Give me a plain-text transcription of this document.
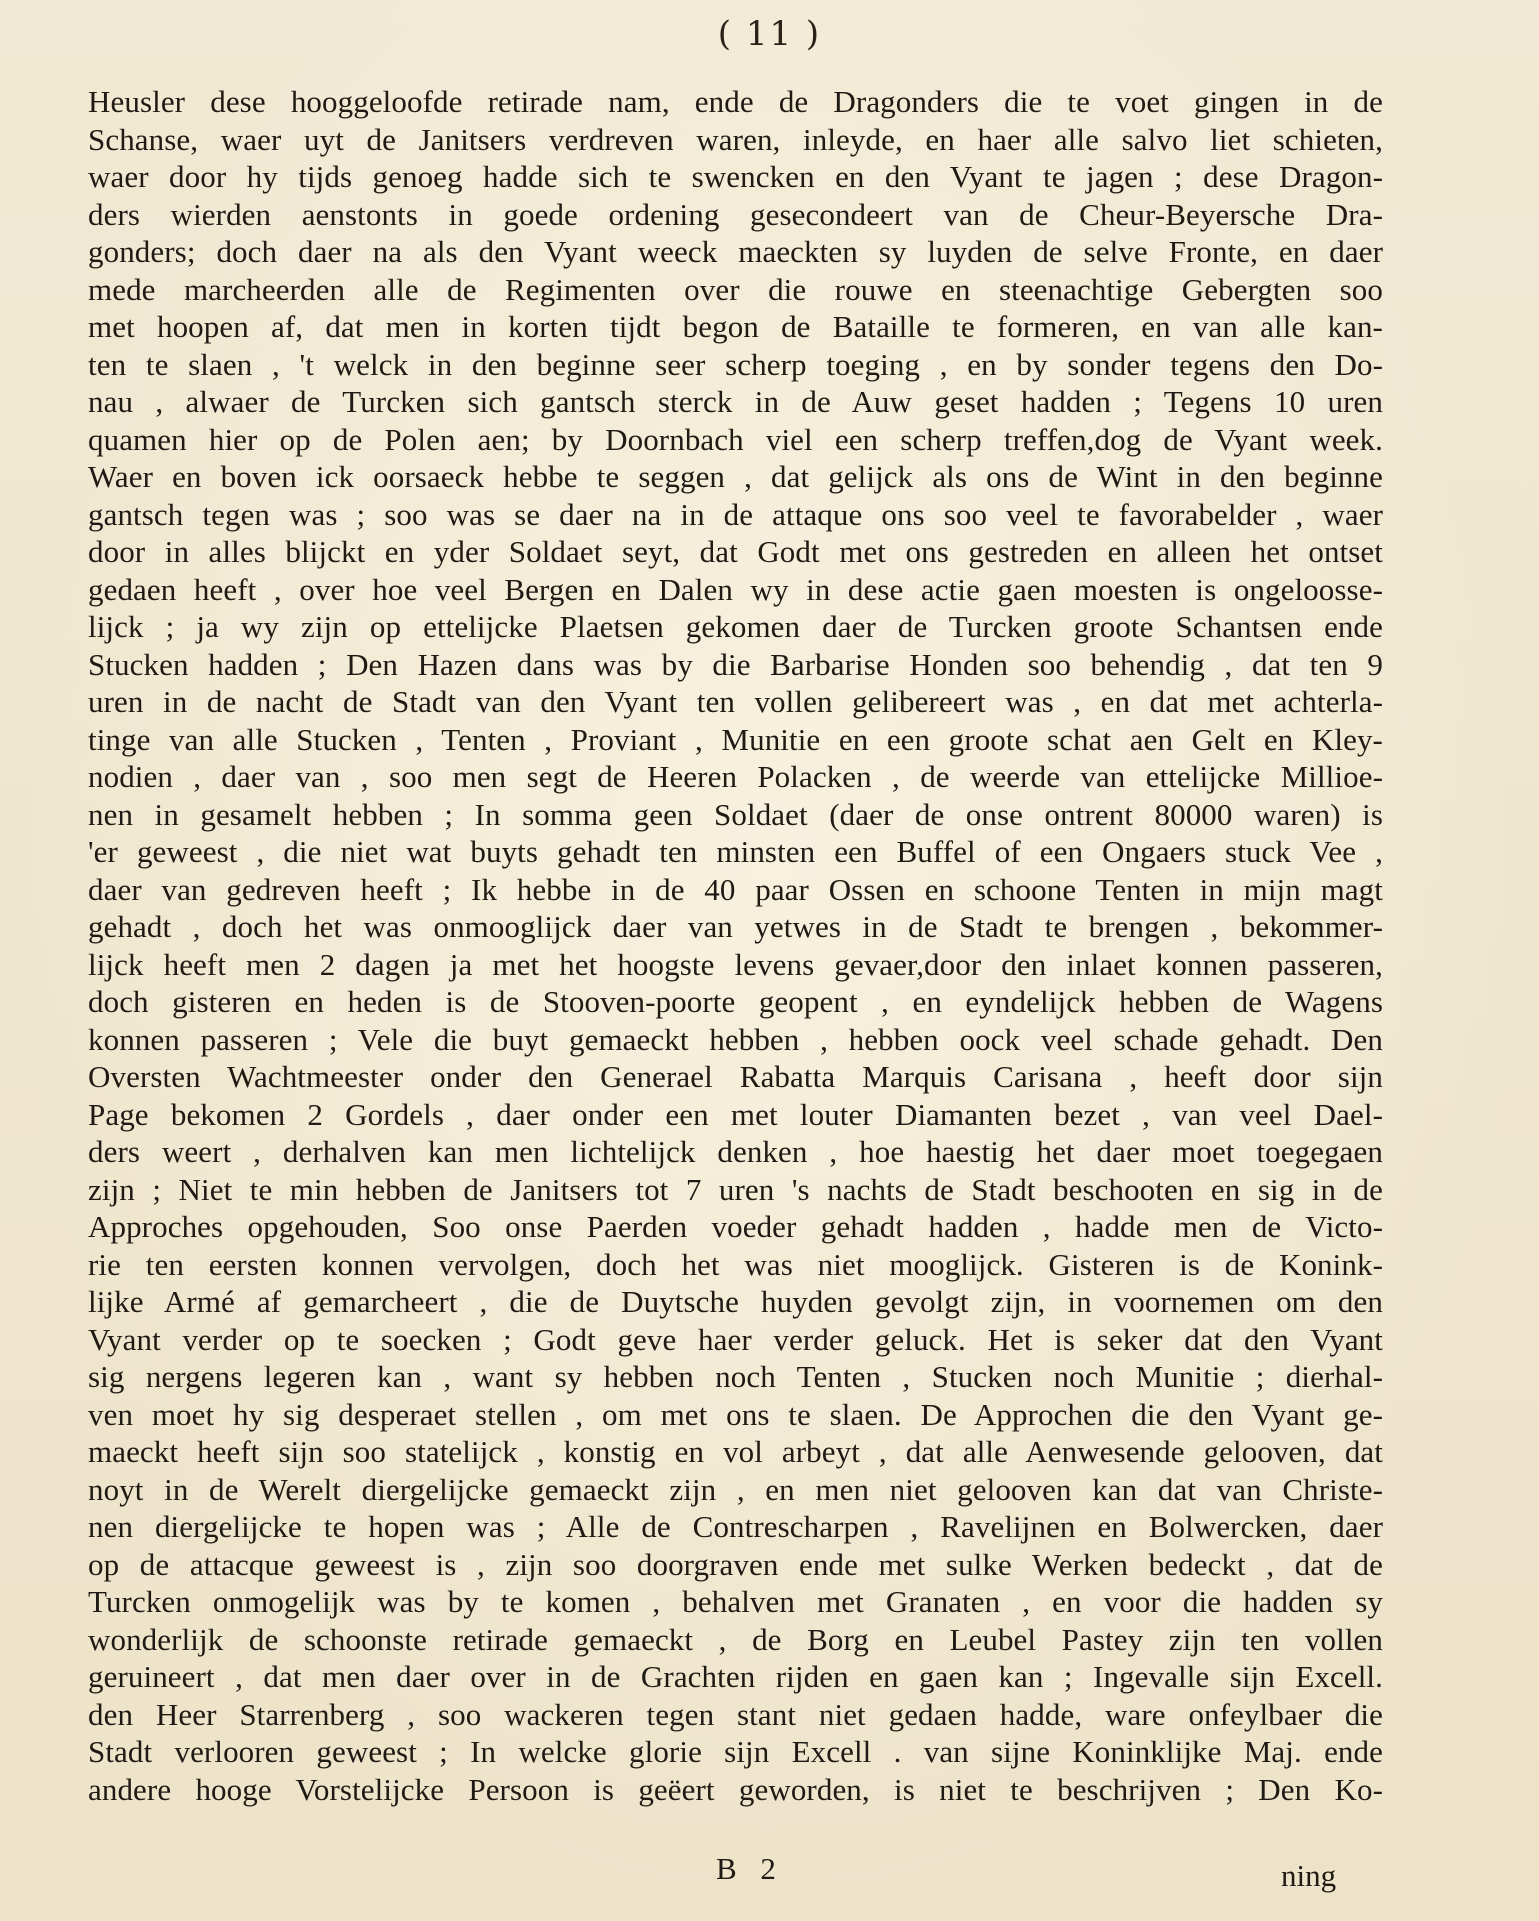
( 11 )
Heusler dese hooggeloofde retirade nam, ende de Dragonders die te voet gingen in de
Schanse, waer uyt de Janitsers verdreven waren, inleyde, en haer alle salvo liet schieten,
waer door hy tijds genoeg hadde sich te swencken en den Vyant te jagen ; dese Dragon-
ders wierden aenstonts in goede ordening gesecondeert van de Cheur-Beyersche Dra-
gonders; doch daer na als den Vyant weeck maeckten sy luyden de selve Fronte, en daer
mede marcheerden alle de Regimenten over die rouwe en steenachtige Gebergten soo
met hoopen af, dat men in korten tijdt begon de Bataille te formeren, en van alle kan-
ten te slaen , 't welck in den beginne seer scherp toeging , en by sonder tegens den Do-
nau , alwaer de Turcken sich gantsch sterck in de Auw geset hadden ; Tegens 10 uren
quamen hier op de Polen aen; by Doornbach viel een scherp treffen,dog de Vyant week.
Waer en boven ick oorsaeck hebbe te seggen , dat gelijck als ons de Wint in den beginne
gantsch tegen was ; soo was se daer na in de attaque ons soo veel te favorabelder , waer
door in alles blijckt en yder Soldaet seyt, dat Godt met ons gestreden en alleen het ontset
gedaen heeft , over hoe veel Bergen en Dalen wy in dese actie gaen moesten is ongeloosse-
lijck ; ja wy zijn op ettelijcke Plaetsen gekomen daer de Turcken groote Schantsen ende
Stucken hadden ; Den Hazen dans was by die Barbarise Honden soo behendig , dat ten 9
uren in de nacht de Stadt van den Vyant ten vollen gelibereert was , en dat met achterla-
tinge van alle Stucken , Tenten , Proviant , Munitie en een groote schat aen Gelt en Kley-
nodien , daer van , soo men segt de Heeren Polacken , de weerde van ettelijcke Millioe-
nen in gesamelt hebben ; In somma geen Soldaet (daer de onse ontrent 80000 waren) is
'er geweest , die niet wat buyts gehadt ten minsten een Buffel of een Ongaers stuck Vee ,
daer van gedreven heeft ; Ik hebbe in de 40 paar Ossen en schoone Tenten in mijn magt
gehadt , doch het was onmooglijck daer van yetwes in de Stadt te brengen , bekommer-
lijck heeft men 2 dagen ja met het hoogste levens gevaer,door den inlaet konnen passeren,
doch gisteren en heden is de Stooven-poorte geopent , en eyndelijck hebben de Wagens
konnen passeren ; Vele die buyt gemaeckt hebben , hebben oock veel schade gehadt. Den
Oversten Wachtmeester onder den Generael Rabatta Marquis Carisana , heeft door sijn
Page bekomen 2 Gordels , daer onder een met louter Diamanten bezet , van veel Dael-
ders weert , derhalven kan men lichtelijck denken , hoe haestig het daer moet toegegaen
zijn ; Niet te min hebben de Janitsers tot 7 uren 's nachts de Stadt beschooten en sig in de
Approches opgehouden, Soo onse Paerden voeder gehadt hadden , hadde men de Victo-
rie ten eersten konnen vervolgen, doch het was niet mooglijck. Gisteren is de Konink-
lijke Armé af gemarcheert , die de Duytsche huyden gevolgt zijn, in voornemen om den
Vyant verder op te soecken ; Godt geve haer verder geluck. Het is seker dat den Vyant
sig nergens legeren kan , want sy hebben noch Tenten , Stucken noch Munitie ; dierhal-
ven moet hy sig desperaet stellen , om met ons te slaen. De Approchen die den Vyant ge-
maeckt heeft sijn soo statelijck , konstig en vol arbeyt , dat alle Aenwesende gelooven, dat
noyt in de Werelt diergelijcke gemaeckt zijn , en men niet gelooven kan dat van Christe-
nen diergelijcke te hopen was ; Alle de Contrescharpen , Ravelijnen en Bolwercken, daer
op de attacque geweest is , zijn soo doorgraven ende met sulke Werken bedeckt , dat de
Turcken onmogelijk was by te komen , behalven met Granaten , en voor die hadden sy
wonderlijk de schoonste retirade gemaeckt , de Borg en Leubel Pastey zijn ten vollen
geruineert , dat men daer over in de Grachten rijden en gaen kan ; Ingevalle sijn Excell.
den Heer Starrenberg , soo wackeren tegen stant niet gedaen hadde, ware onfeylbaer die
Stadt verlooren geweest ; In welcke glorie sijn Excell . van sijne Koninklijke Maj. ende
andere hooge Vorstelijcke Persoon is geëert geworden, is niet te beschrijven ; Den Ko-
B 2	ning
